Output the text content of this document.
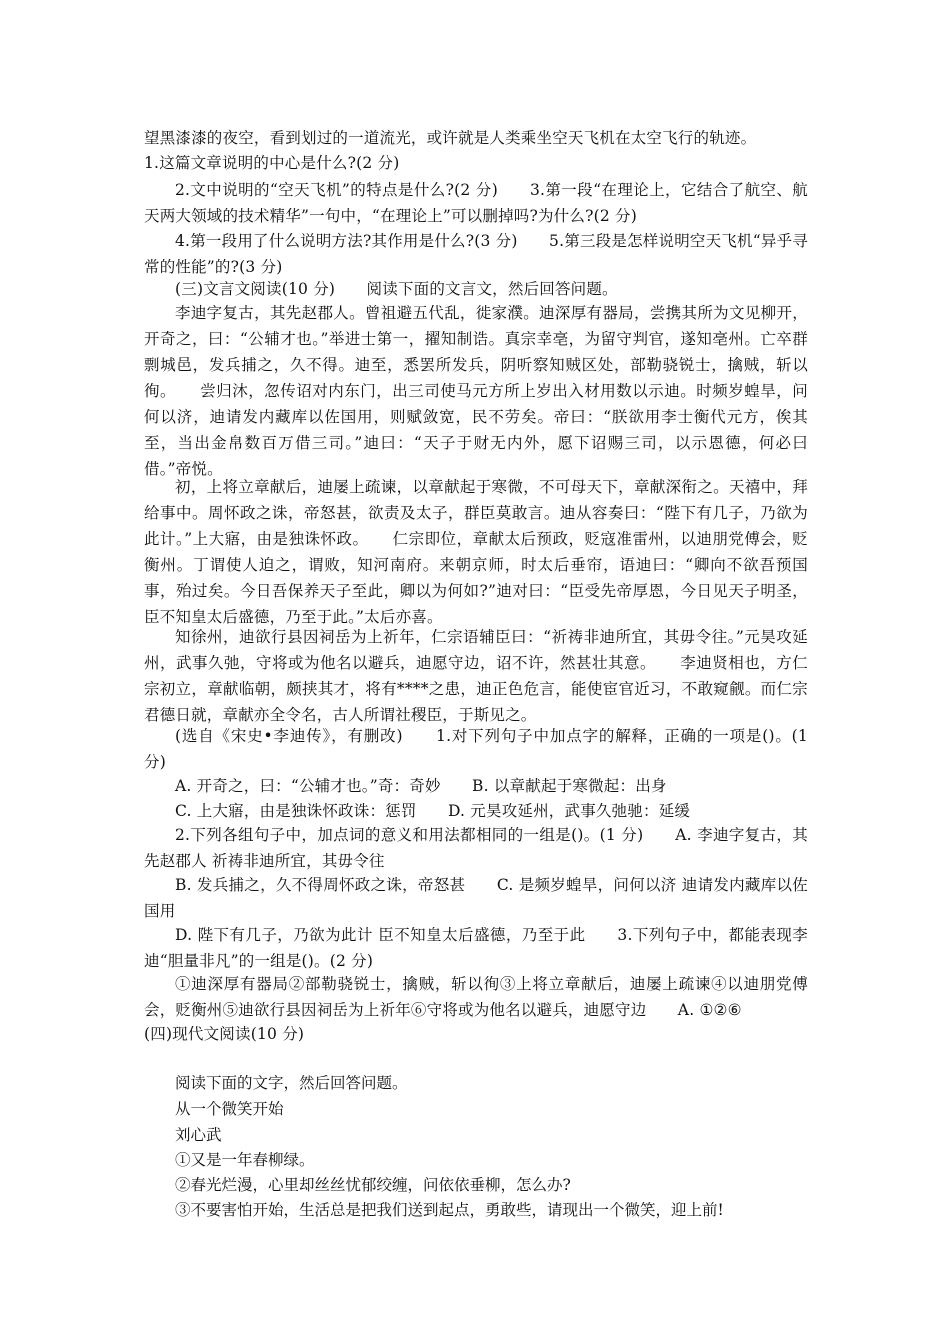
望黑漆漆的夜空，看到划过的一道流光，或许就是人类乘坐空天飞机在太空飞行的轨迹。

1.这篇文章说明的中心是什么?(2 分)

2.文中说明的“空天飞机”的特点是什么?(2 分)　　3.第一段“在理论上，它结合了航空、航天两大领域的技术精华”一句中，“在理论上”可以删掉吗?为什么?(2 分)

4.第一段用了什么说明方法?其作用是什么?(3 分)　　5.第三段是怎样说明空天飞机“异乎寻常的性能”的?(3 分)

(三)文言文阅读(10 分)　　阅读下面的文言文，然后回答问题。

李迪字复古，其先赵郡人。曾祖避五代乱，徙家濮。迪深厚有器局，尝携其所为文见柳开，开奇之，曰：“公辅才也。”举进士第一，擢知制诰。真宗幸亳，为留守判官，遂知亳州。亡卒群剽城邑，发兵捕之，久不得。迪至，悉罢所发兵，阴听察知贼区处，部勒骁锐士，擒贼，斩以徇。　　尝归沐，忽传诏对内东门，出三司使马元方所上岁出入材用数以示迪。时频岁蝗旱，问何以济，迪请发内藏库以佐国用，则赋敛宽，民不劳矣。帝曰：“朕欲用李士衡代元方，俟其至，当出金帛数百万借三司。”迪曰：“天子于财无内外，愿下诏赐三司，以示恩德，何必曰借。”帝悦。

初，上将立章献后，迪屡上疏谏，以章献起于寒微，不可母天下，章献深衔之。天禧中，拜给事中。周怀政之诛，帝怒甚，欲责及太子，群臣莫敢言。迪从容奏曰：“陛下有几子，乃欲为此计。”上大寤，由是独诛怀政。　　仁宗即位，章献太后预政，贬寇准雷州，以迪朋党傅会，贬衡州。丁谓使人迫之，谓败，知河南府。来朝京师，时太后垂帘，语迪曰：“卿向不欲吾预国事，殆过矣。今日吾保养天子至此，卿以为何如?”迪对曰：“臣受先帝厚恩，今日见天子明圣，臣不知皇太后盛德，乃至于此。”太后亦喜。

知徐州，迪欲行县因祠岳为上祈年，仁宗语辅臣曰：“祈祷非迪所宜，其毋令往。”元昊攻延州，武事久弛，守将或为他名以避兵，迪愿守边，诏不许，然甚壮其意。　　李迪贤相也，方仁宗初立，章献临朝，颇挟其才，将有****之患，迪正色危言，能使宦官近习，不敢窥觎。而仁宗君德日就，章献亦全令名，古人所谓社稷臣，于斯见之。

(选自《宋史•李迪传》，有删改)　　1.对下列句子中加点字的解释，正确的一项是()。(1 分)

A. 开奇之，曰：“公辅才也。”奇：奇妙　　B. 以章献起于寒微起：出身

C. 上大寤，由是独诛怀政诛：惩罚　　D. 元昊攻延州，武事久弛驰：延缓

2.下列各组句子中，加点词的意义和用法都相同的一组是()。(1 分)　　A. 李迪字复古，其先赵郡人 祈祷非迪所宜，其毋令往

B. 发兵捕之，久不得周怀政之诛，帝怒甚　　C. 是频岁蝗旱，问何以济 迪请发内藏库以佐国用

D. 陛下有几子，乃欲为此计 臣不知皇太后盛德，乃至于此　　3.下列句子中，都能表现李迪“胆量非凡”的一组是()。(2 分)

①迪深厚有器局②部勒骁锐士，擒贼，斩以徇③上将立章献后，迪屡上疏谏④以迪朋党傅会，贬衡州⑤迪欲行县因祠岳为上祈年⑥守将或为他名以避兵，迪愿守边　　A. ①②⑥

(四)现代文阅读(10 分)

阅读下面的文字，然后回答问题。

从一个微笑开始

刘心武

①又是一年春柳绿。

②春光烂漫，心里却丝丝忧郁绞缠，问依依垂柳，怎么办?

③不要害怕开始，生活总是把我们送到起点，勇敢些，请现出一个微笑，迎上前!
